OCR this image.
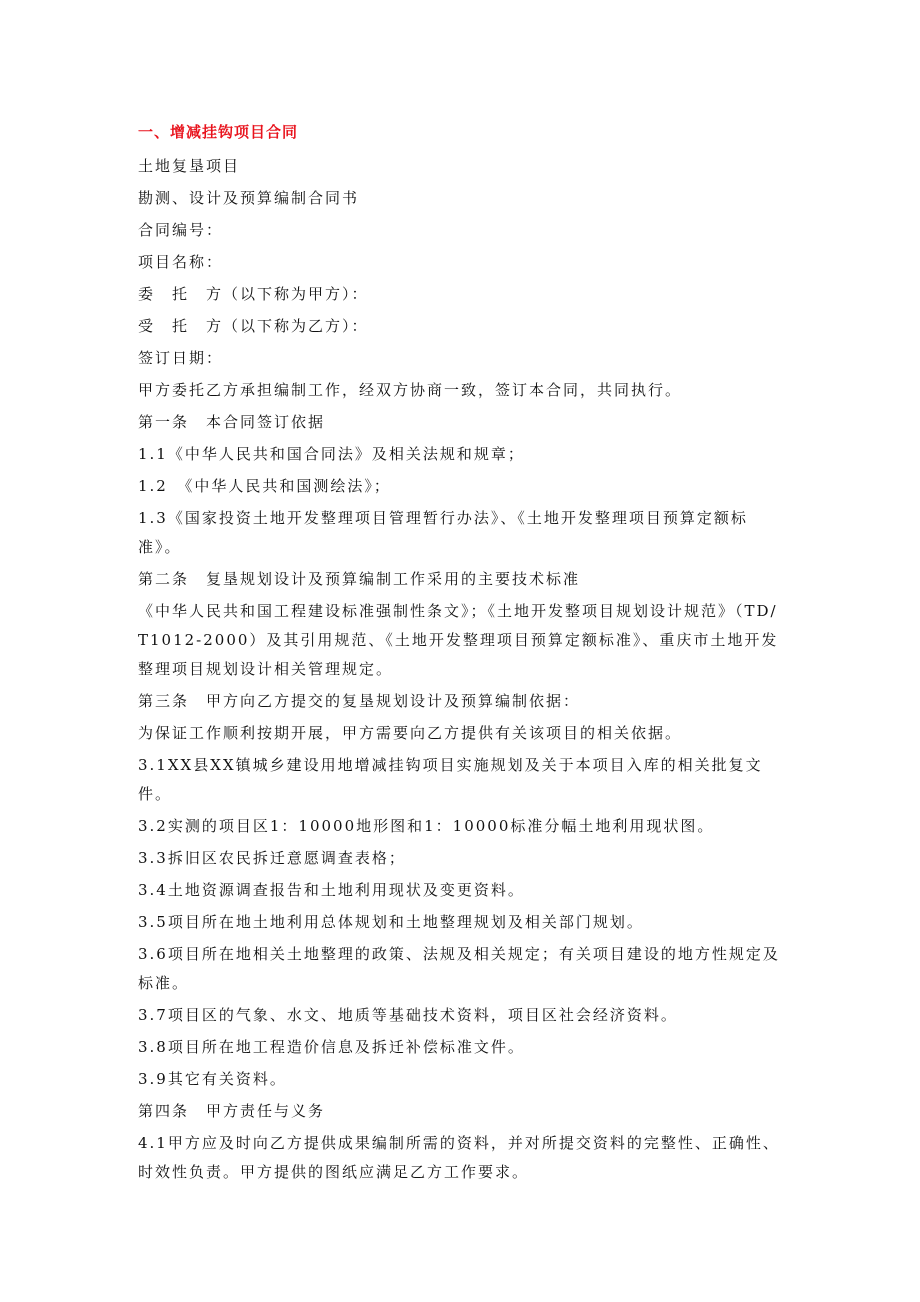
一、增减挂钩项目合同

土地复垦项目

勘测、设计及预算编制合同书

合同编号：

项目名称：

委　托　方（以下称为甲方）：

受　托　方（以下称为乙方）：

签订日期：

甲方委托乙方承担编制工作，经双方协商一致，签订本合同，共同执行。

第一条　本合同签订依据

1.1《中华人民共和国合同法》及相关法规和规章；

1.2　《中华人民共和国测绘法》；

1.3《国家投资土地开发整理项目管理暂行办法》、《土地开发整理项目预算定额标准》。

第二条　复垦规划设计及预算编制工作采用的主要技术标准

《中华人民共和国工程建设标准强制性条文》；《土地开发整项目规划设计规范》（TD/T1012-2000）及其引用规范、《土地开发整理项目预算定额标准》、重庆市土地开发整理项目规划设计相关管理规定。

第三条　甲方向乙方提交的复垦规划设计及预算编制依据：

为保证工作顺利按期开展，甲方需要向乙方提供有关该项目的相关依据。

3.1XX县XX镇城乡建设用地增减挂钩项目实施规划及关于本项目入库的相关批复文件。

3.2实测的项目区1：10000地形图和1：10000标准分幅土地利用现状图。

3.3拆旧区农民拆迁意愿调查表格；

3.4土地资源调查报告和土地利用现状及变更资料。

3.5项目所在地土地利用总体规划和土地整理规划及相关部门规划。

3.6项目所在地相关土地整理的政策、法规及相关规定；有关项目建设的地方性规定及标准。

3.7项目区的气象、水文、地质等基础技术资料，项目区社会经济资料。

3.8项目所在地工程造价信息及拆迁补偿标准文件。

3.9其它有关资料。

第四条　甲方责任与义务

4.1甲方应及时向乙方提供成果编制所需的资料，并对所提交资料的完整性、正确性、时效性负责。甲方提供的图纸应满足乙方工作要求。
